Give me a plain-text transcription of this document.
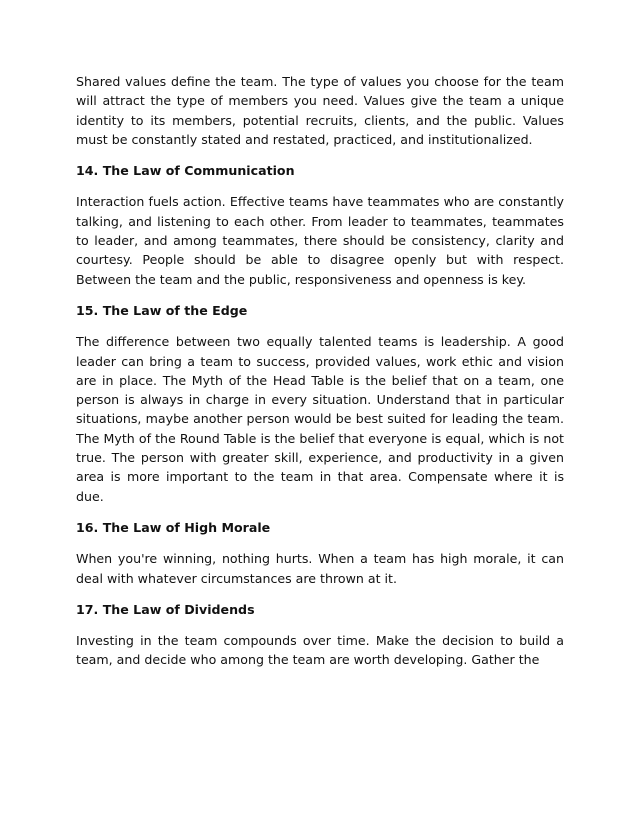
Shared values define the team. The type of values you choose for the team will attract the type of members you need. Values give the team a unique identity to its members, potential recruits, clients, and the public. Values must be constantly stated and restated, practiced, and institutionalized.

14. The Law of Communication

Interaction fuels action. Effective teams have teammates who are constantly talking, and listening to each other. From leader to teammates, teammates to leader, and among teammates, there should be consistency, clarity and courtesy. People should be able to disagree openly but with respect. Between the team and the public, responsiveness and openness is key.

15. The Law of the Edge

The difference between two equally talented teams is leadership. A good leader can bring a team to success, provided values, work ethic and vision are in place. The Myth of the Head Table is the belief that on a team, one person is always in charge in every situation. Understand that in particular situations, maybe another person would be best suited for leading the team. The Myth of the Round Table is the belief that everyone is equal, which is not true. The person with greater skill, experience, and productivity in a given area is more important to the team in that area. Compensate where it is due.

16. The Law of High Morale

When you're winning, nothing hurts. When a team has high morale, it can deal with whatever circumstances are thrown at it.

17. The Law of Dividends

Investing in the team compounds over time. Make the decision to build a team, and decide who among the team are worth developing. Gather the
